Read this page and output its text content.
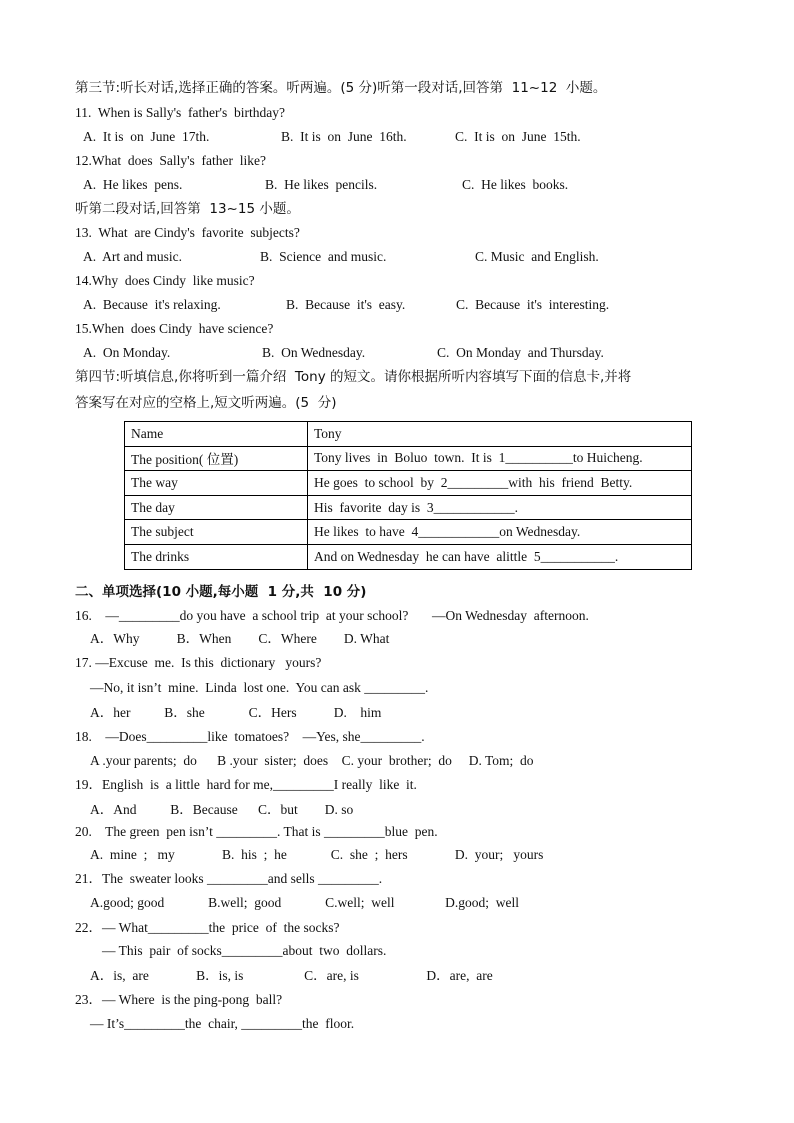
第三节:听长对话,选择正确的答案。听两遍。(5 分)听第一段对话,回答第  11~12  小题。
11.  When is Sally's  father's  birthday?
A.  It is  on  June  17th.	B.  It is  on  June  16th.	C.  It is  on  June  15th.
12.What  does  Sally's  father  like?
A.  He likes  pens.	B.  He likes  pencils.	C.  He likes  books.
听第二段对话,回答第  13~15 小题。
13.  What  are Cindy's  favorite  subjects?
A.  Art and music.	B.  Science  and music.	C. Music  and English.
14.Why  does Cindy  like music?
A.  Because  it's relaxing.	B.  Because  it's  easy.	C.  Because  it's  interesting.
15.When  does Cindy  have science?
A.  On Monday.	B.  On Wednesday.	C.  On Monday  and Thursday.
第四节:听填信息,你将听到一篇介绍  Tony 的短文。请你根据所听内容填写下面的信息卡,并将
答案写在对应的空格上,短文听两遍。(5  分)
Name	Tony
The position( 位置)	Tony lives  in  Boluo  town.  It is  1__________to Huicheng.
The way	He goes  to school  by  2_________with  his  friend  Betty.
The day	His  favorite  day is  3____________.
The subject	He likes  to have  4____________on Wednesday.
The drinks	And on Wednesday  he can have  alittle  5___________.
二、单项选择(10 小题,每小题  1 分,共  10 分)
16.    —_________do you have  a school trip  at your school?       —On Wednesday  afternoon.
A．Why           B．When        C．Where        D. What
17. —Excuse  me.  Is this  dictionary   yours?
—No, it isn’t  mine.  Linda  lost one.  You can ask _________.
A．her          B．she             C．Hers           D.    him
18.    —Does_________like  tomatoes?    —Yes, she_________.
A .your parents;  do      B .your  sister;  does    C. your  brother;  do     D. Tom;  do
19．English  is  a little  hard for me,_________I really  like  it.
A．And          B．Because      C．but        D. so
20.    The green  pen isn’t _________. That is _________blue  pen.
A.  mine  ;   my              B.  his  ;  he             C.  she  ;  hers              D.  your;   yours
21．The  sweater looks _________and sells _________.
A.good; good             B.well;  good             C.well;  well               D.good;  well
22．— What_________the  price  of  the socks?
— This  pair  of socks_________about  two  dollars.
A．is,  are              B．is, is                  C．are, is                    D．are,  are
23．— Where  is the ping-pong  ball?
— It’s_________the  chair, _________the  floor.
